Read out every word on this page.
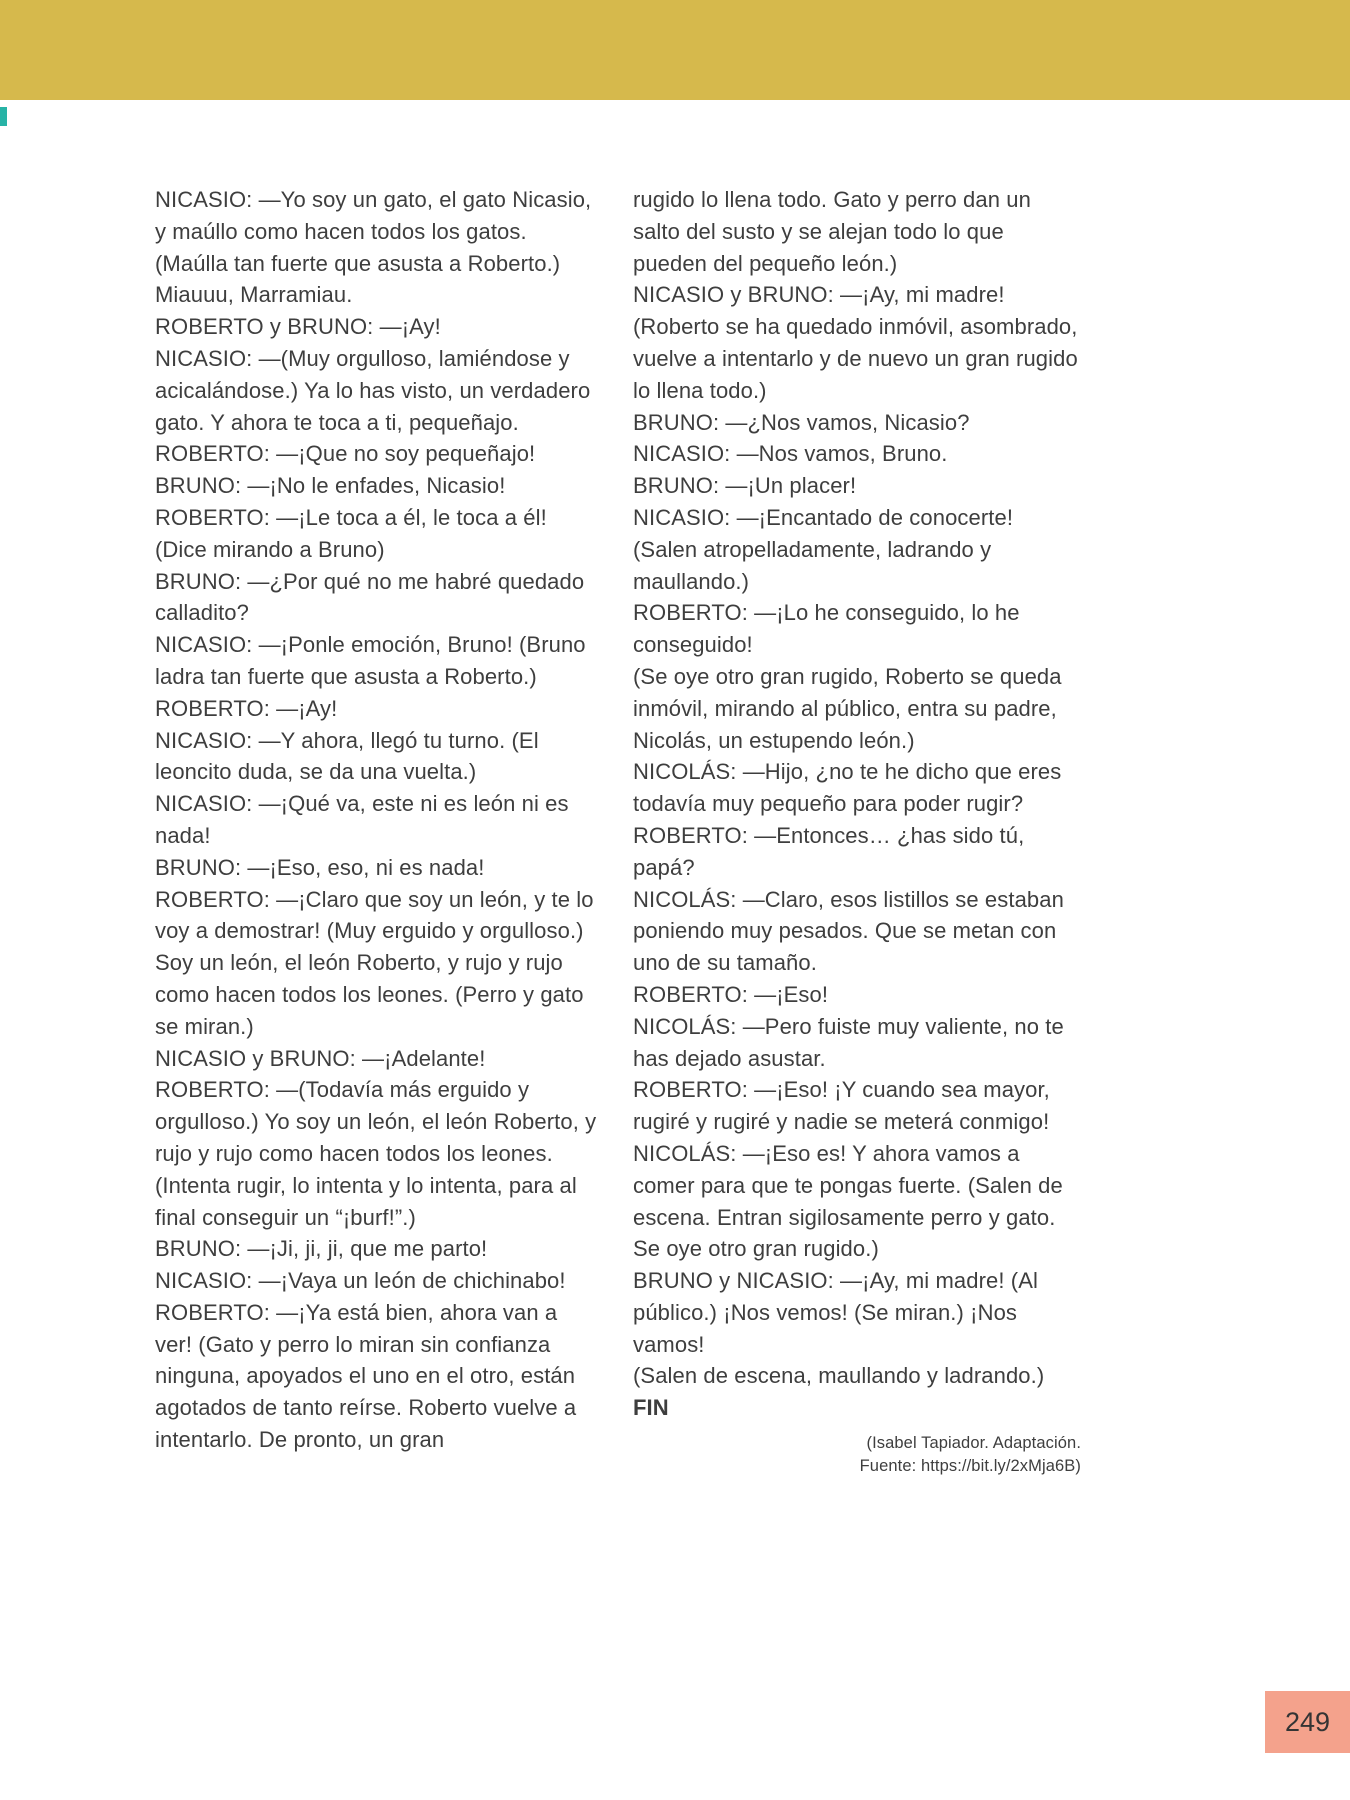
NICASIO: —Yo soy un gato, el gato Nicasio, y maúllo como hacen todos los gatos. (Maúlla tan fuerte que asusta a Roberto.) Miauuu, Marramiau.

ROBERTO y BRUNO: —¡Ay!

NICASIO: —(Muy orgulloso, lamiéndose y acicalándose.) Ya lo has visto, un verdadero gato. Y ahora te toca a ti, pequeñajo.

ROBERTO: —¡Que no soy pequeñajo!

BRUNO: —¡No le enfades, Nicasio!

ROBERTO: —¡Le toca a él, le toca a él! (Dice mirando a Bruno)

BRUNO: —¿Por qué no me habré quedado calladito?

NICASIO: —¡Ponle emoción, Bruno! (Bruno ladra tan fuerte que asusta a Roberto.)

ROBERTO: —¡Ay!

NICASIO: —Y ahora, llegó tu turno. (El leoncito duda, se da una vuelta.)

NICASIO: —¡Qué va, este ni es león ni es nada!

BRUNO: —¡Eso, eso, ni es nada!

ROBERTO: —¡Claro que soy un león, y te lo voy a demostrar! (Muy erguido y orgulloso.) Soy un león, el león Roberto, y rujo y rujo como hacen todos los leones. (Perro y gato se miran.)

NICASIO y BRUNO: —¡Adelante!

ROBERTO: —(Todavía más erguido y orgulloso.) Yo soy un león, el león Roberto, y rujo y rujo como hacen todos los leones. (Intenta rugir, lo intenta y lo intenta, para al final conseguir un “¡burf!”.)

BRUNO: —¡Ji, ji, ji, que me parto!

NICASIO: —¡Vaya un león de chichinabo!

ROBERTO: —¡Ya está bien, ahora van a ver! (Gato y perro lo miran sin confianza ninguna, apoyados el uno en el otro, están agotados de tanto reírse. Roberto vuelve a intentarlo. De pronto, un gran

rugido lo llena todo. Gato y perro dan un salto del susto y se alejan todo lo que pueden del pequeño león.)

NICASIO y BRUNO: —¡Ay, mi madre! (Roberto se ha quedado inmóvil, asombrado, vuelve a intentarlo y de nuevo un gran rugido lo llena todo.)

BRUNO: —¿Nos vamos, Nicasio?

NICASIO: —Nos vamos, Bruno.

BRUNO: —¡Un placer!

NICASIO: —¡Encantado de conocerte! (Salen atropelladamente, ladrando y maullando.)

ROBERTO: —¡Lo he conseguido, lo he conseguido!

(Se oye otro gran rugido, Roberto se queda inmóvil, mirando al público, entra su padre, Nicolás, un estupendo león.)

NICOLÁS: —Hijo, ¿no te he dicho que eres todavía muy pequeño para poder rugir?

ROBERTO: —Entonces… ¿has sido tú, papá?

NICOLÁS: —Claro, esos listillos se estaban poniendo muy pesados. Que se metan con uno de su tamaño.

ROBERTO: —¡Eso!

NICOLÁS: —Pero fuiste muy valiente, no te has dejado asustar.

ROBERTO: —¡Eso! ¡Y cuando sea mayor, rugiré y rugiré y nadie se meterá conmigo!

NICOLÁS: —¡Eso es! Y ahora vamos a comer para que te pongas fuerte. (Salen de escena. Entran sigilosamente perro y gato. Se oye otro gran rugido.)

BRUNO y NICASIO: —¡Ay, mi madre! (Al público.) ¡Nos vemos! (Se miran.) ¡Nos vamos!

(Salen de escena, maullando y ladrando.)

FIN

(Isabel Tapiador. Adaptación.
Fuente: https://bit.ly/2xMja6B)
249
